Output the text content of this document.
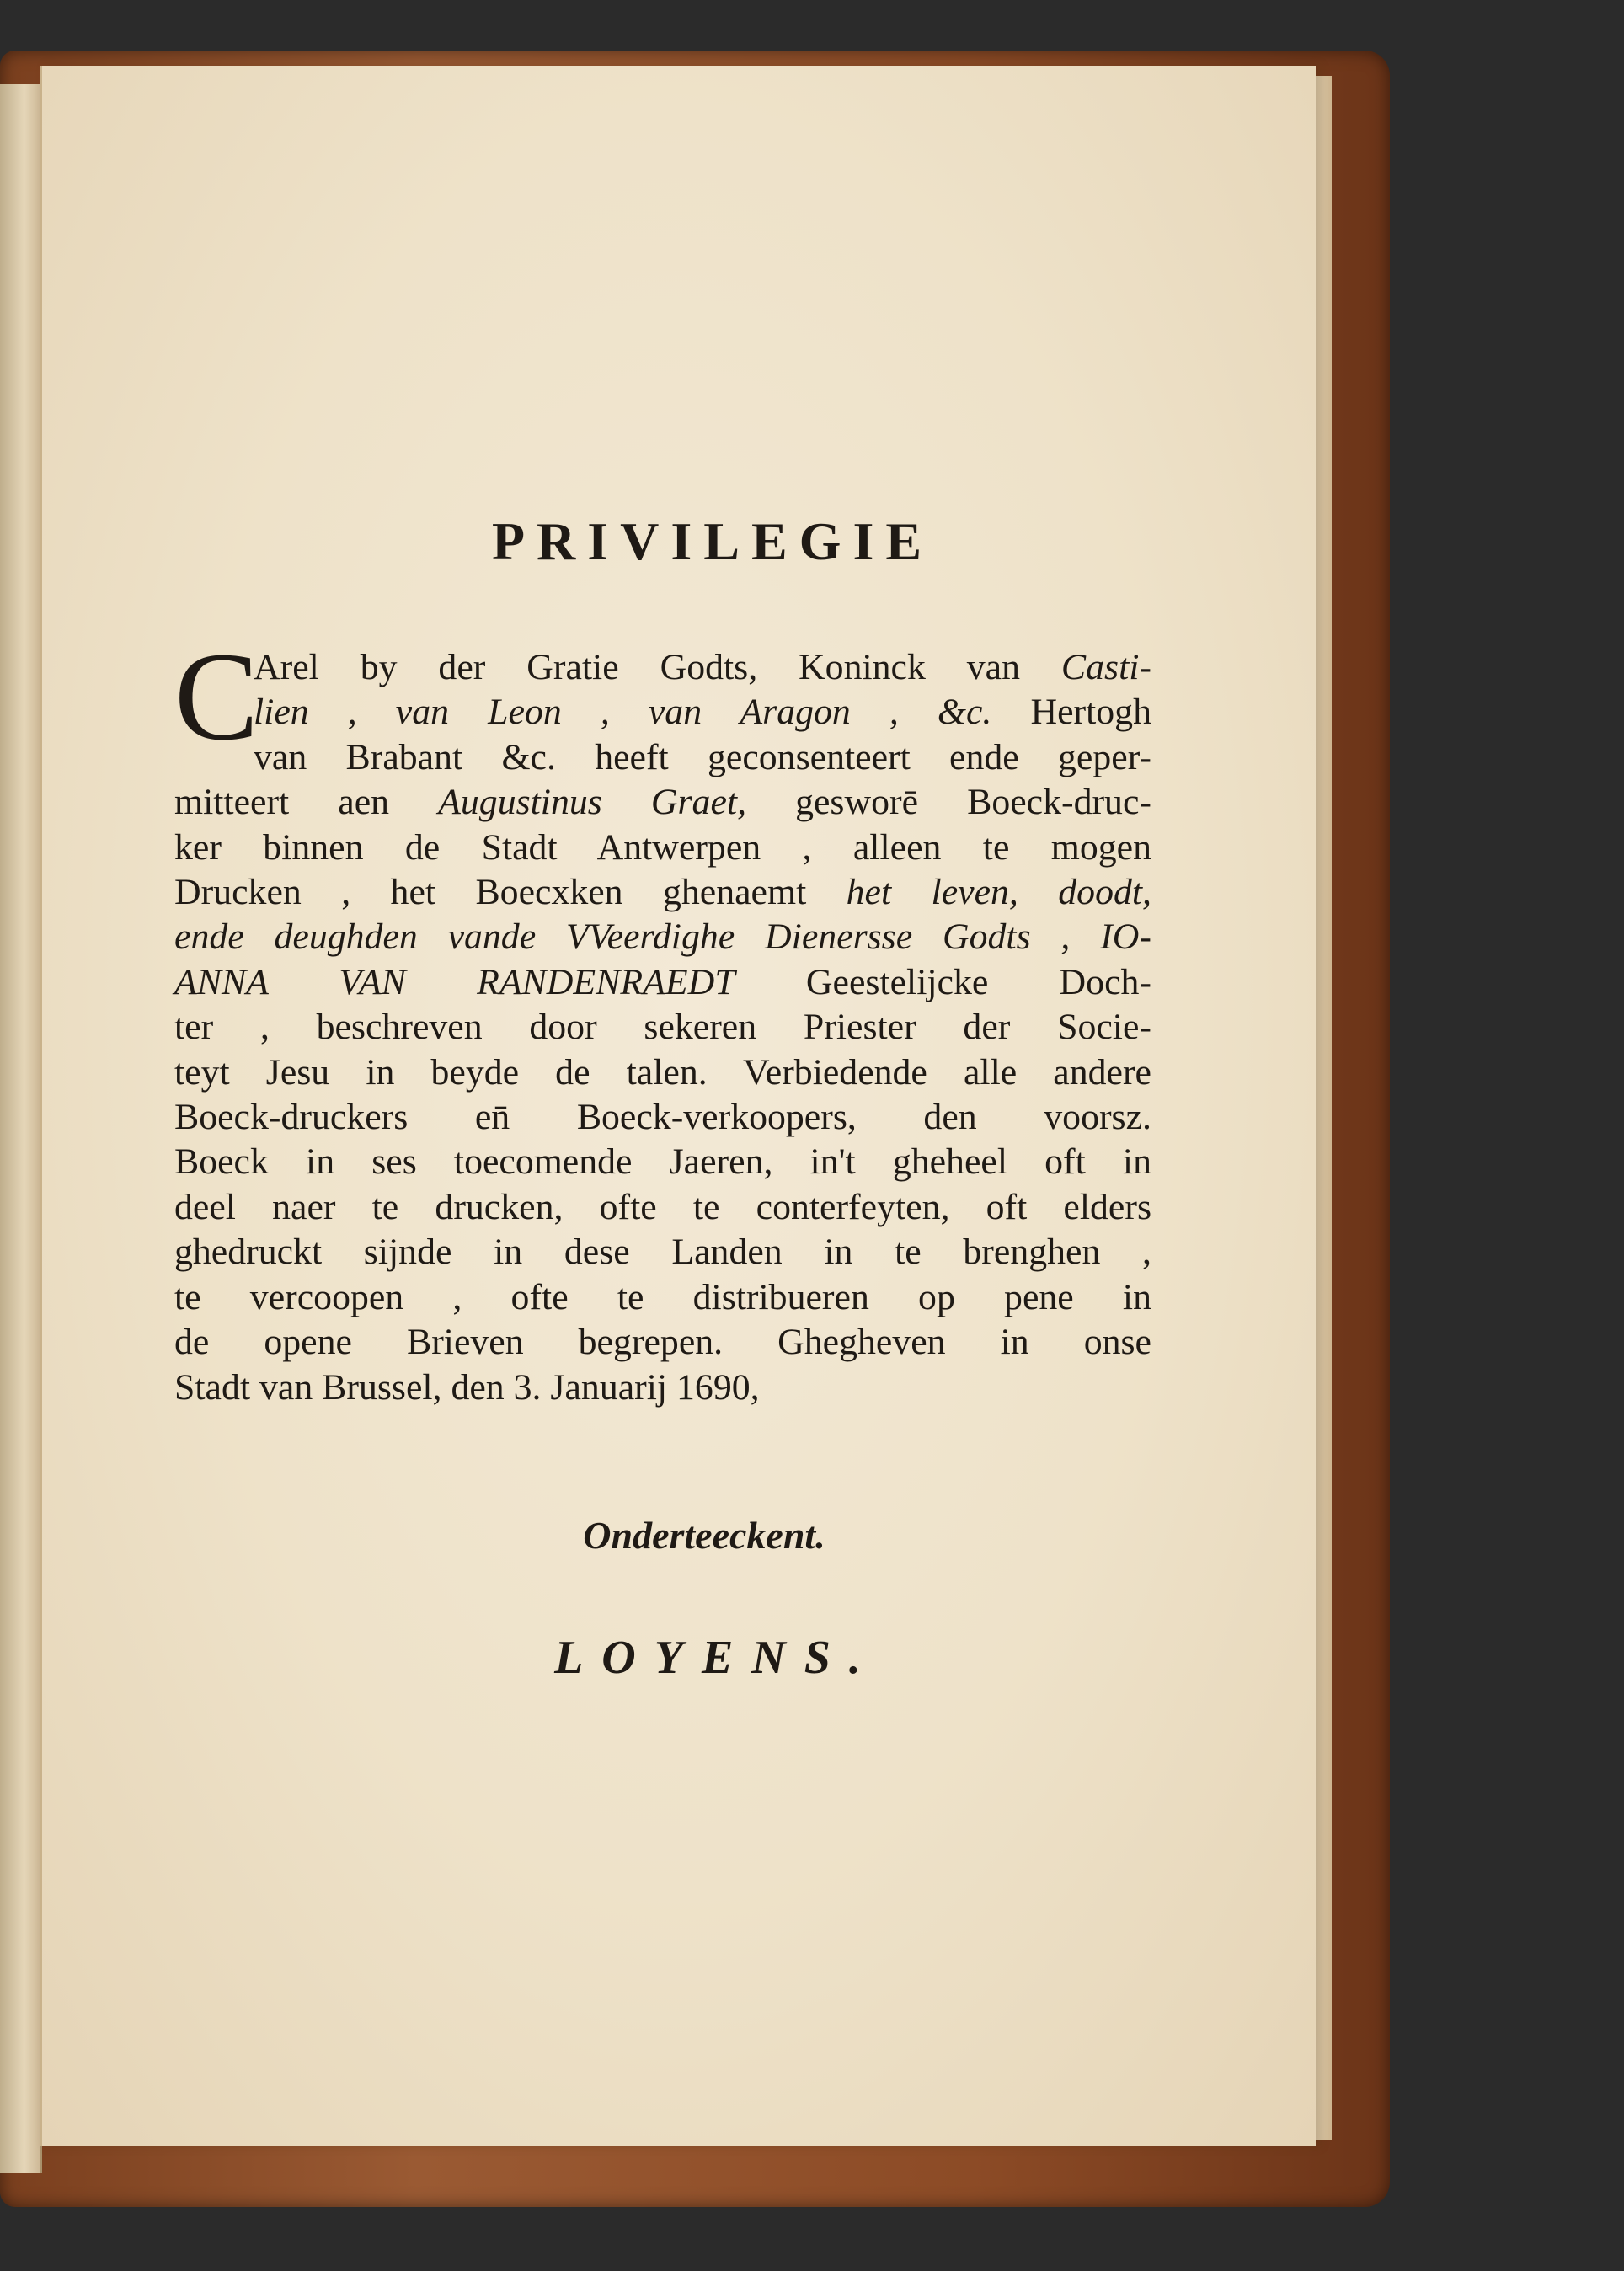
PRIVILEGIE
C
Arel by der Gratie Godts, Koninck van Casti-
lien , van Leon , van Aragon , &c. Hertogh
van Brabant &c. heeft geconsenteert ende geper-
mitteert aen Augustinus Graet, gesworē Boeck-druc-
ker binnen de Stadt Antwerpen , alleen te mogen
Drucken , het Boecxken ghenaemt het leven, doodt,
ende deughden vande VVeerdighe Dienersse Godts , IO-
ANNA VAN RANDENRAEDT Geestelijcke Doch-
ter , beschreven door sekeren Priester der Socie-
teyt Jesu in beyde de talen. Verbiedende alle andere
Boeck-druckers en̄ Boeck-verkoopers, den voorsz.
Boeck in ses toecomende Jaeren, in't gheheel oft in
deel naer te drucken, ofte te conterfeyten, oft elders
ghedruckt sijnde in dese Landen in te brenghen ,
te vercoopen , ofte te distribueren op pene in
de opene Brieven begrepen. Ghegheven in onse
Stadt van Brussel, den 3. Januarij 1690,
Onderteeckent.
LOYENS.
